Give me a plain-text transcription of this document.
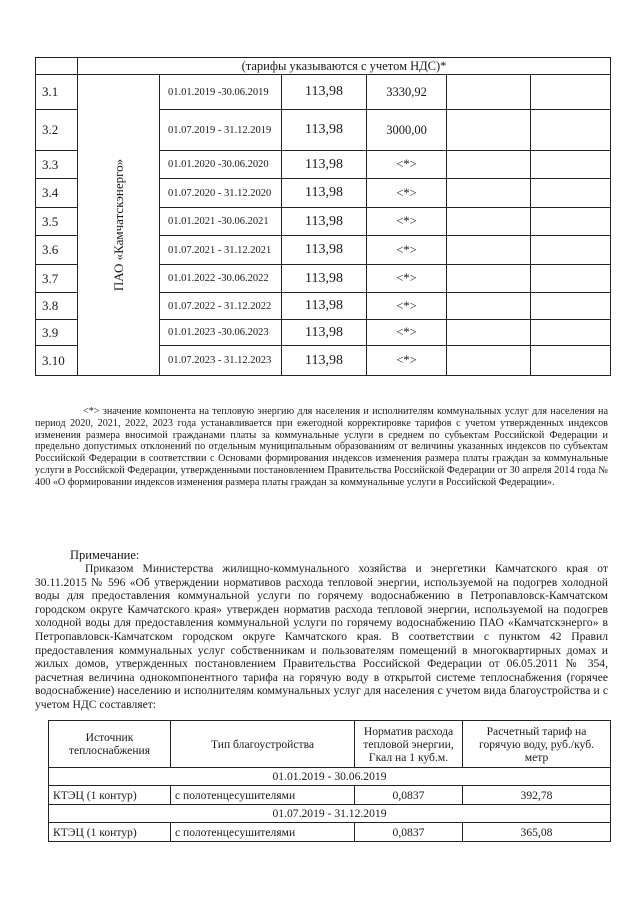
	(тарифы указываются с учетом НДС)*					
3.1	ПАО «Камчатскэнерго»	01.01.2019 -30.06.2019	113,98	3330,92		
3.2		01.07.2019 - 31.12.2019	113,98	3000,00		
3.3		01.01.2020 -30.06.2020	113,98	<*>		
3.4		01.07.2020 - 31.12.2020	113,98	<*>		
3.5		01.01.2021 -30.06.2021	113,98	<*>		
3.6		01.07.2021 - 31.12.2021	113,98	<*>		
3.7		01.01.2022 -30.06.2022	113,98	<*>		
3.8		01.07.2022 - 31.12.2022	113,98	<*>		
3.9		01.01.2023 -30.06.2023	113,98	<*>		
3.10		01.07.2023 - 31.12.2023	113,98	<*>		

<*> значение компонента на тепловую энергию для населения и исполнителям коммунальных услуг для населения на период 2020, 2021, 2022, 2023 года устанавливается при ежегодной корректировке тарифов с учетом утвержденных индексов изменения размера вносимой гражданами платы за коммунальные услуги в среднем по субъектам Российской Федерации и предельно допустимых отклонений по отдельным муниципальным образованиям от величины указанных индексов по субъектам Российской Федерации в соответствии с Основами формирования индексов изменения размера платы граждан за коммунальные услуги в Российской Федерации, утвержденными постановлением Правительства Российской Федерации от 30 апреля 2014 года № 400 «О формировании индексов изменения размера платы граждан за коммунальные услуги в Российской Федерации».

Примечание:

Приказом Министерства жилищно-коммунального хозяйства и энергетики Камчатского края от 30.11.2015 № 596 «Об утверждении нормативов расхода тепловой энергии, используемой на подогрев холодной воды для предоставления коммунальной услуги по горячему водоснабжению в Петропавловск-Камчатском городском округе Камчатского края» утвержден норматив расхода тепловой энергии, используемой на подогрев холодной воды для предоставления коммунальной услуги по горячему водоснабжению ПАО «Камчатскэнерго» в Петропавловск-Камчатском городском округе Камчатского края. В соответствии с пунктом 42 Правил предоставления коммунальных услуг собственникам и пользователям помещений в многоквартирных домах и жилых домов, утвержденных постановлением Правительства Российской Федерации от 06.05.2011 № 354, расчетная величина однокомпонентного тарифа на горячую воду в открытой системе теплоснабжения (горячее водоснабжение) населению и исполнителям коммунальных услуг для населения с учетом вида благоустройства и с учетом НДС составляет:

Источник теплоснабжения	Тип благоустройства	Норматив расхода тепловой энергии, Гкал на 1 куб.м.	Расчетный тариф на горячую воду, руб./куб. метр
01.01.2019 - 30.06.2019			
КТЭЦ (1 контур)	с полотенцесушителями	0,0837	392,78
01.07.2019 - 31.12.2019			
КТЭЦ (1 контур)	с полотенцесушителями	0,0837	365,08
